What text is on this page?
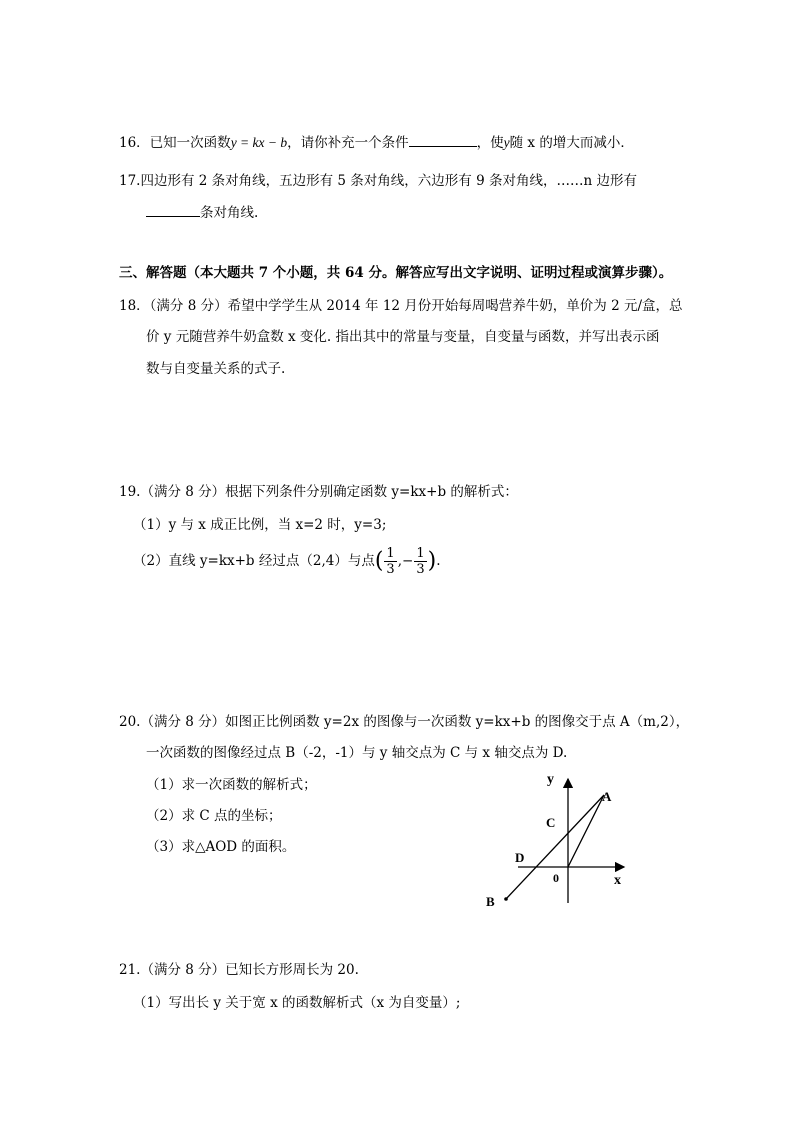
16．已知一次函数y = kx − b，请你补充一个条件	，使y随 x 的增大而减小．
17.四边形有 2 条对角线，五边形有 5 条对角线，六边形有 9 条对角线，……n 边形有
条对角线.
三、解答题（本大题共 7 个小题，共 64 分。解答应写出文字说明、证明过程或演算步骤）。
18．（满分 8 分）希望中学学生从 2014 年 12 月份开始每周喝营养牛奶，单价为 2 元/盒，总
价 y 元随营养牛奶盒数 x 变化. 指出其中的常量与变量，自变量与函数，并写出表示函
数与自变量关系的式子.
19.（满分 8 分）根据下列条件分别确定函数 y=kx+b 的解析式：
（1）y 与 x 成正比例，当 x=2 时，y=3;
（2）直线 y=kx+b 经过点（2,4）与点( $\frac{1}{3}$ ,− $\frac{1}{3}$ ).
20.（满分 8 分）如图正比例函数 y=2x 的图像与一次函数 y=kx+b 的图像交于点 A（m,2），
一次函数的图像经过点 B（-2，-1）与 y 轴交点为 C 与 x 轴交点为 D.
（1）求一次函数的解析式；
（2）求 C 点的坐标；
（3）求△AOD 的面积。
y
x
0
A
B
C
D
21.（满分 8 分）已知长方形周长为 20.
（1）写出长 y 关于宽 x 的函数解析式（x 为自变量）;
